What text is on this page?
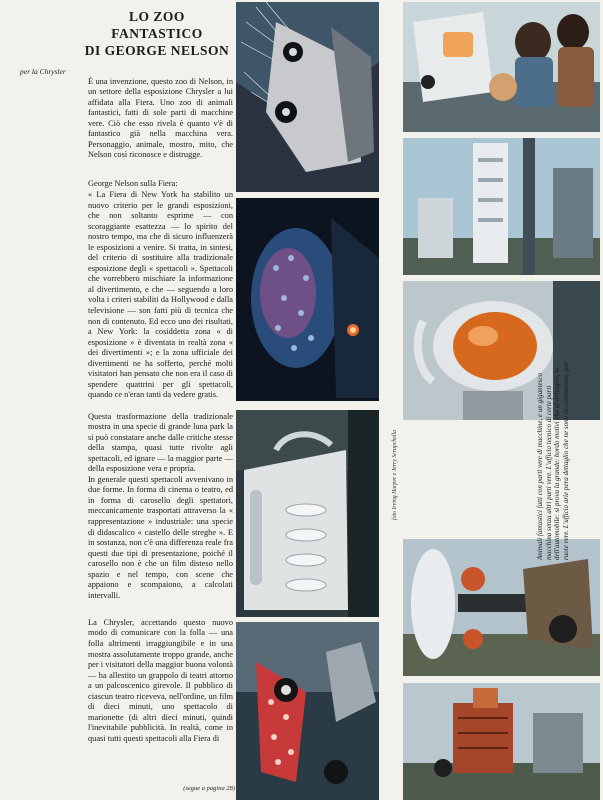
LO ZOO FANTASTICO
DI GEORGE NELSON
per la Chrysler

È una invenzione, questo zoo di Nelson, in un settore della esposizione Chrysler a lui affidata alla Fiera. Uno zoo di animali fantastici, fatti di sole parti di macchine vere. Ciò che esso rivela è quanto v'è di fantastico già nella macchina vera. Personaggio, animale, mostro, mito, che Nelson così riconosce e distrugge.

George Nelson sulla Fiera:
« La Fiera di New York ha stabilito un nuovo criterio per le grandi esposizioni, che non soltanto esprime — con scoraggiante esattezza — lo spirito del nostro tempo, ma che di sicuro influenzerà le esposizioni a venire. Si tratta, in sintesi, del criterio di sostituire alla tradizionale esposizione degli « spettacoli ». Spettacoli che vorrebbero mischiare la informazione al divertimento, e che — seguendo a loro volta i criteri stabiliti da Hollywood e dalla televisione — son fatti più di tecnica che non di contenuto. Ed ecco uno dei risultati, a New York: la cosiddetta zona « di esposizione » è diventata in realtà zona « dei divertimenti »; e la zona ufficiale dei divertimenti ne ha sofferto, perché molti visitatori han pensato che non era il caso di spendere quattrini per gli spettacoli, quando ce n'eran tanti da vedere gratis.

Questa trasformazione della tradizionale mostra in una specie di grande luna park la si può constatare anche dalle critiche stesse della stampa, quasi tutte rivolte agli spettacoli, ed ignare — la maggior parte — della esposizione vera e propria.
In generale questi spettacoli avvenivano in due forme. In forma di cinema o teatro, ed in forma di carosello degli spettatori, meccanicamente trasportati attraverso la « rappresentazione » industriale: una specie di didascalico « castello delle streghe ». E in sostanza, non c'è una differenza reale fra questi due tipi di presentazione, poiché il carosello non è che un film disteso nello spazio e nel tempo, con scene che appaiono e scompaiono, a calcolati intervalli.

La Chrysler, accettando questo nuovo modo di comunicare con la folla — una folla altrimenti irraggiungibile e in una mostra assolutamente troppo grande, anche per i visitatori della maggior buona volontà — ha allestito un grappolo di teatri attorno a un palcoscenico girevole. Il pubblico di ciascun teatro riceveva, nell'ordine, un film di dieci minuti, uno spettacolo di marionette (di altri dieci minuti, quindi l'inevitabile pubblicità. In realtà, come in quasi tutti questi spettacoli alla Fiera di

(segue a pagina 28)
Animali fantastici fatti con parti vere di macchine, e un gigantesco macchina senza altri parti vere. L'ufficio tecnico di certe parti dell'automobile: si prova la grande: bordo motivi che al dettaglio, le ruote vere. L'ufficio arie pera dettaglio che ne sono la costruzione, per
foto Irving Harper e Jerry Scrupchella
